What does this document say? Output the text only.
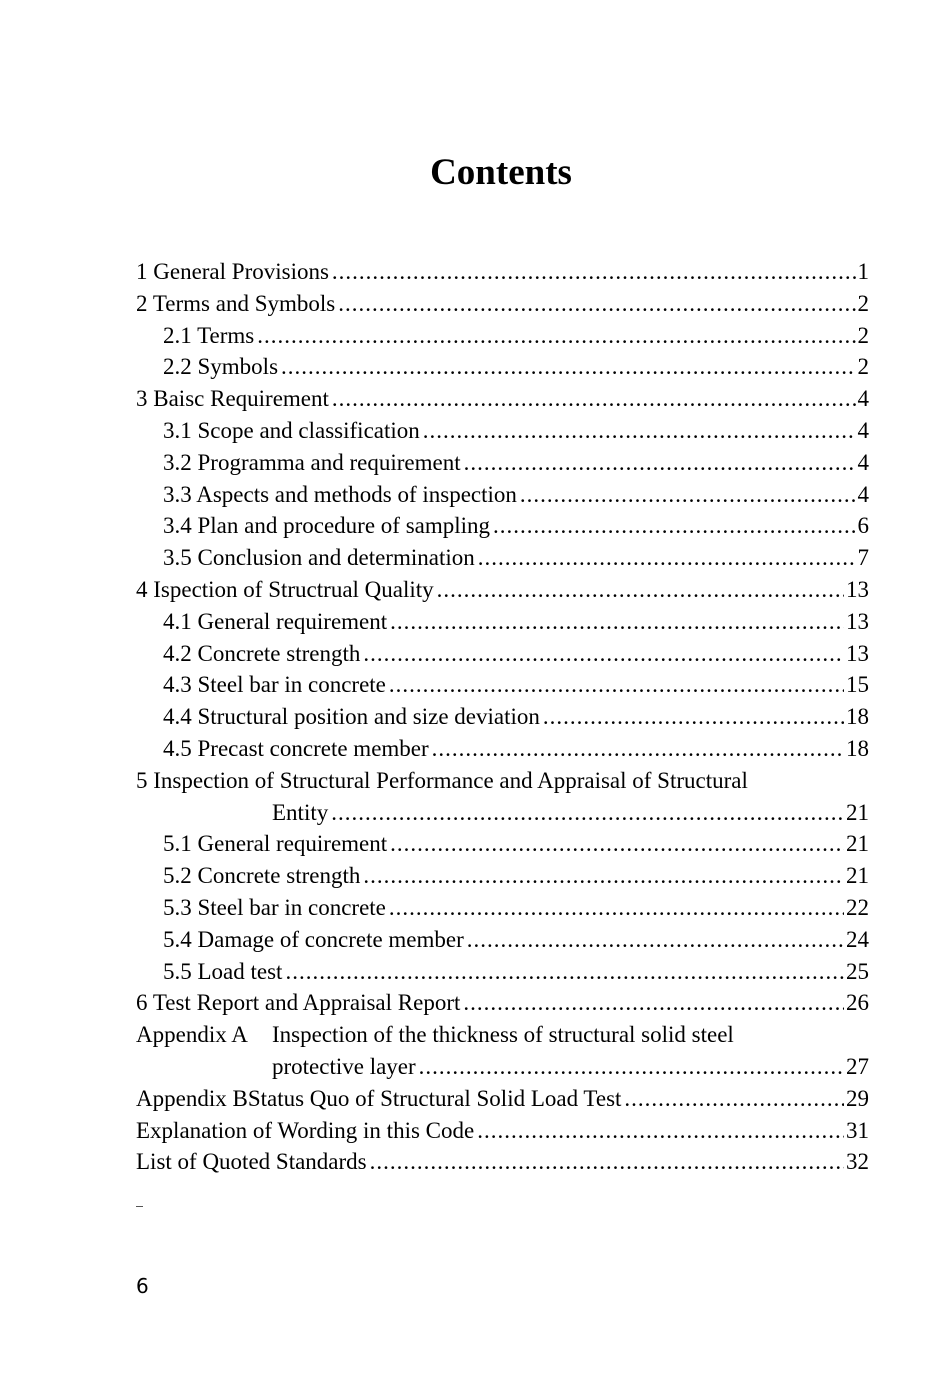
Contents
1 General Provisions .....	1
2 Terms and Symbols .....	2
2.1 Terms .....	2
2.2 Symbols .....	2
3 Baisc Requirement .....	4
3.1 Scope and classification .....	4
3.2 Programma and requirement .....	4
3.3 Aspects and methods of inspection .....	4
3.4 Plan and procedure of sampling .....	6
3.5 Conclusion and determination .....	7
4 Ispection of Structrual Quality .....	13
4.1 General requirement .....	13
4.2 Concrete strength .....	13
4.3 Steel bar in concrete .....	15
4.4 Structural position and size deviation .....	18
4.5 Precast concrete member .....	18
5 Inspection of Structural Performance and Appraisal of Structural
Entity .....	21
5.1 General requirement .....	21
5.2 Concrete strength .....	21
5.3 Steel bar in concrete .....	22
5.4 Damage of concrete member .....	24
5.5 Load test .....	25
6 Test Report and Appraisal Report .....	26
Appendix A	Inspection of the thickness of structural solid steel
protective layer .....	27
Appendix B Status Quo of Structural Solid Load Test .....	29
Explanation of Wording in this Code .....	31
List of Quoted Standards .....	32
6
